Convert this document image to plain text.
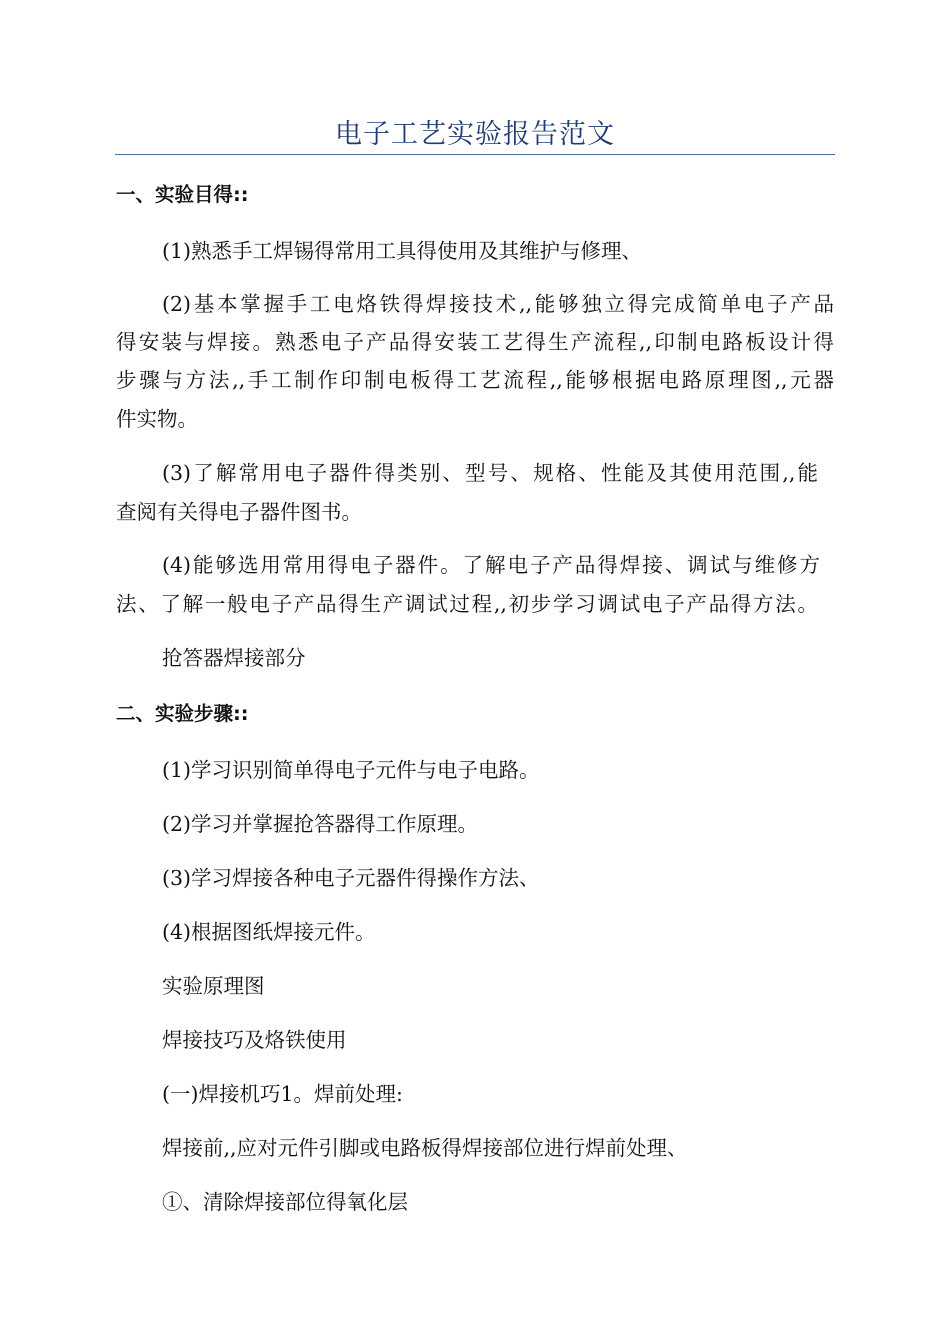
电子工艺实验报告范文
一、实验目得::
(1)熟悉手工焊锡得常用工具得使用及其维护与修理、
(2)基本掌握手工电烙铁得焊接技术,,能够独立得完成简单电子产品
得安装与焊接。熟悉电子产品得安装工艺得生产流程,,印制电路板设计得
步骤与方法,,手工制作印制电板得工艺流程,,能够根据电路原理图,,元器
件实物。
(3)了解常用电子器件得类别、型号、规格、性能及其使用范围,,能
查阅有关得电子器件图书。
(4)能够选用常用得电子器件。了解电子产品得焊接、调试与维修方
法、了解一般电子产品得生产调试过程,,初步学习调试电子产品得方法。
抢答器焊接部分
二、实验步骤::
(1)学习识别简单得电子元件与电子电路。
(2)学习并掌握抢答器得工作原理。
(3)学习焊接各种电子元器件得操作方法、
(4)根据图纸焊接元件。
实验原理图
焊接技巧及烙铁使用
(一)焊接机巧1。焊前处理:
焊接前,,应对元件引脚或电路板得焊接部位进行焊前处理、
①、清除焊接部位得氧化层
